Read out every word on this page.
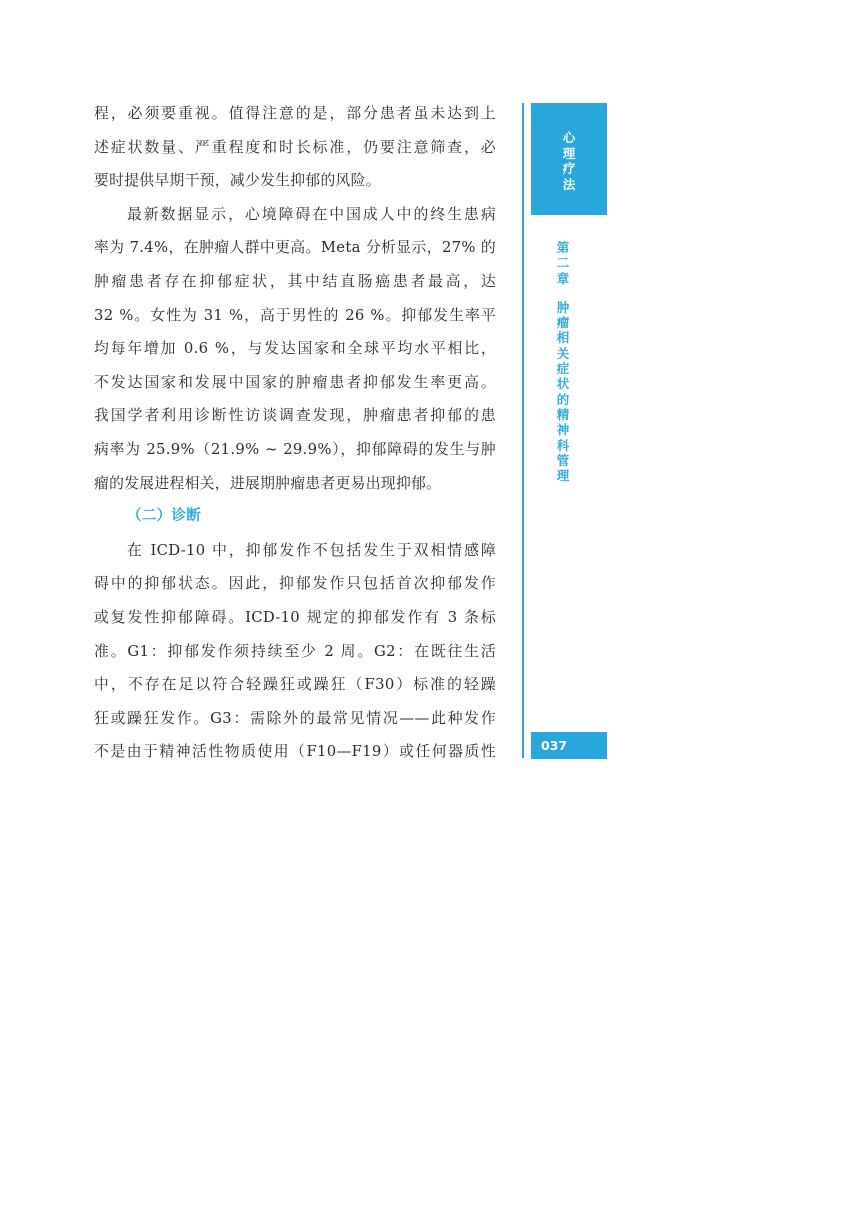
程，必须要重视。值得注意的是，部分患者虽未达到上
述症状数量、严重程度和时长标准，仍要注意筛查，必
要时提供早期干预，减少发生抑郁的风险。
最新数据显示，心境障碍在中国成人中的终生患病
率为 7.4%，在肿瘤人群中更高。Meta 分析显示，27% 的
肿瘤患者存在抑郁症状，其中结直肠癌患者最高，达
32 %。女性为 31 %，高于男性的 26 %。抑郁发生率平
均每年增加 0.6 %，与发达国家和全球平均水平相比，
不发达国家和发展中国家的肿瘤患者抑郁发生率更高。
我国学者利用诊断性访谈调查发现，肿瘤患者抑郁的患
病率为 25.9%（21.9% ~ 29.9%），抑郁障碍的发生与肿
瘤的发展进程相关，进展期肿瘤患者更易出现抑郁。
（二）诊断
在 ICD-10 中，抑郁发作不包括发生于双相情感障
碍中的抑郁状态。因此，抑郁发作只包括首次抑郁发作
或复发性抑郁障碍。ICD-10 规定的抑郁发作有 3 条标
准。G1：抑郁发作须持续至少 2 周。G2：在既往生活
中，不存在足以符合轻躁狂或躁狂（F30）标准的轻躁
狂或躁狂发作。G3：需除外的最常见情况——此种发作
不是由于精神活性物质使用（F10—F19）或任何器质性
心理疗法
第二章
肿瘤相关症状的精神科管理
037
